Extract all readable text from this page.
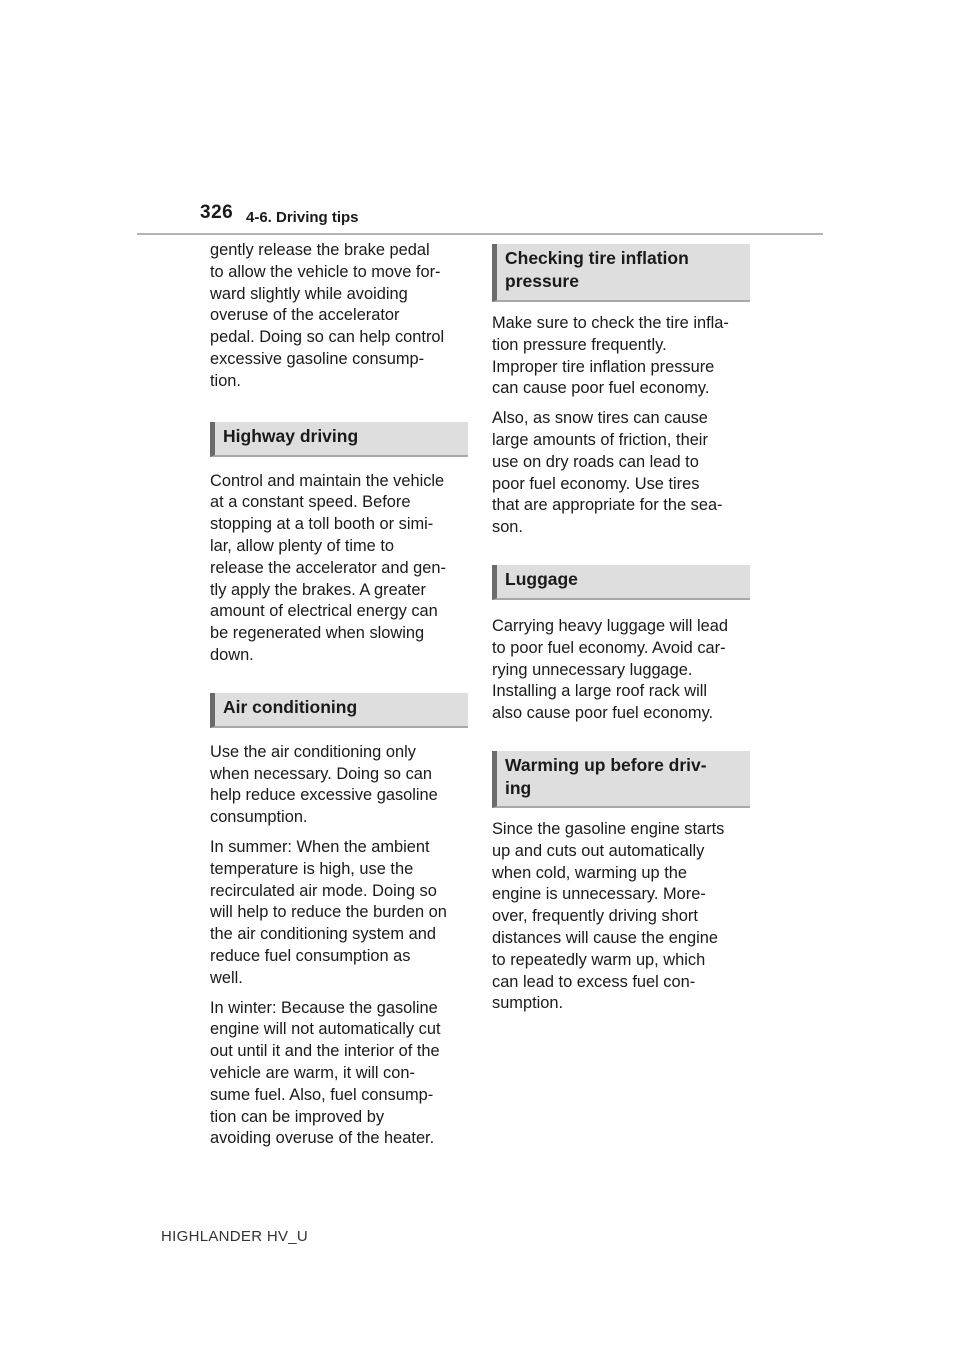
326 4-6. Driving tips

gently release the brake pedal
to allow the vehicle to move for-
ward slightly while avoiding
overuse of the accelerator
pedal. Doing so can help control
excessive gasoline consump-
tion.

Highway driving

Control and maintain the vehicle
at a constant speed. Before
stopping at a toll booth or simi-
lar, allow plenty of time to
release the accelerator and gen-
tly apply the brakes. A greater
amount of electrical energy can
be regenerated when slowing
down.

Air conditioning

Use the air conditioning only
when necessary. Doing so can
help reduce excessive gasoline
consumption.

In summer: When the ambient
temperature is high, use the
recirculated air mode. Doing so
will help to reduce the burden on
the air conditioning system and
reduce fuel consumption as
well.

In winter: Because the gasoline
engine will not automatically cut
out until it and the interior of the
vehicle are warm, it will con-
sume fuel. Also, fuel consump-
tion can be improved by
avoiding overuse of the heater.

Checking tire inflation
pressure

Make sure to check the tire infla-
tion pressure frequently.
Improper tire inflation pressure
can cause poor fuel economy.

Also, as snow tires can cause
large amounts of friction, their
use on dry roads can lead to
poor fuel economy. Use tires
that are appropriate for the sea-
son.

Luggage

Carrying heavy luggage will lead
to poor fuel economy. Avoid car-
rying unnecessary luggage.
Installing a large roof rack will
also cause poor fuel economy.

Warming up before driv-
ing

Since the gasoline engine starts
up and cuts out automatically
when cold, warming up the
engine is unnecessary. More-
over, frequently driving short
distances will cause the engine
to repeatedly warm up, which
can lead to excess fuel con-
sumption.

HIGHLANDER HV_U
